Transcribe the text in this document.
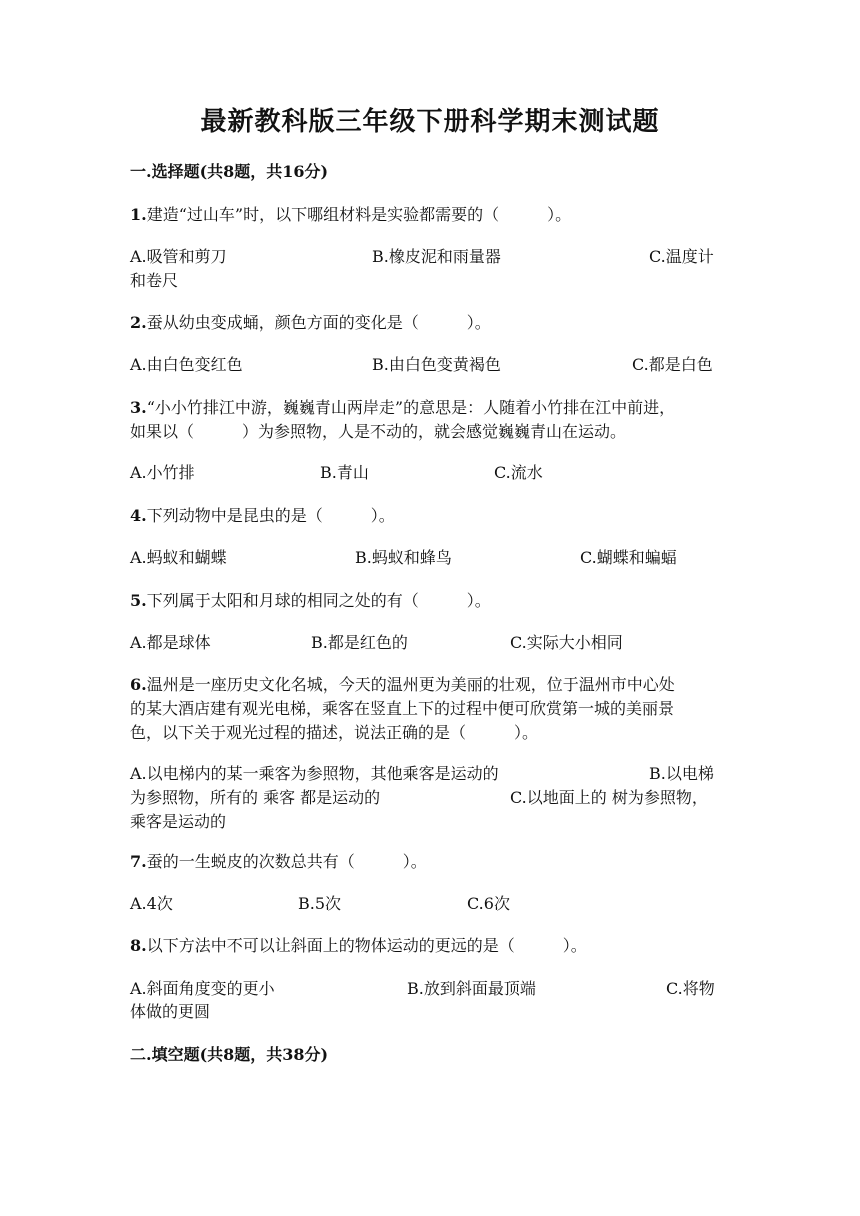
最新教科版三年级下册科学期末测试题
一.选择题(共8题，共16分)
1.建造“过山车”时，以下哪组材料是实验都需要的（　　　）。
A.吸管和剪刀	B.橡皮泥和雨量器	C.温度计
和卷尺
2.蚕从幼虫变成蛹，颜色方面的变化是（　　　）。
A.由白色变红色	B.由白色变黄褐色	C.都是白色
3.“小小竹排江中游，巍巍青山两岸走”的意思是：人随着小竹排在江中前进，
如果以（　　　）为参照物，人是不动的，就会感觉巍巍青山在运动。
A.小竹排	B.青山	C.流水
4.下列动物中是昆虫的是（　　　）。
A.蚂蚁和蝴蝶	B.蚂蚁和蜂鸟	C.蝴蝶和蝙蝠
5.下列属于太阳和月球的相同之处的有（　　　）。
A.都是球体	B.都是红色的	C.实际大小相同
6.温州是一座历史文化名城，今天的温州更为美丽的壮观，位于温州市中心处
的某大酒店建有观光电梯，乘客在竖直上下的过程中便可欣赏第一城的美丽景
色，以下关于观光过程的描述，说法正确的是（　　　）。
A.以电梯内的某一乘客为参照物，其他乘客是运动的	B.以电梯
为参照物，所有的 乘客 都是运动的	C.以地面上的 树为参照物，
乘客是运动的
7.蚕的一生蜕皮的次数总共有（　　　）。
A.4次	B.5次	C.6次
8.以下方法中不可以让斜面上的物体运动的更远的是（　　　）。
A.斜面角度变的更小	B.放到斜面最顶端	C.将物
体做的更圆
二.填空题(共8题，共38分)
